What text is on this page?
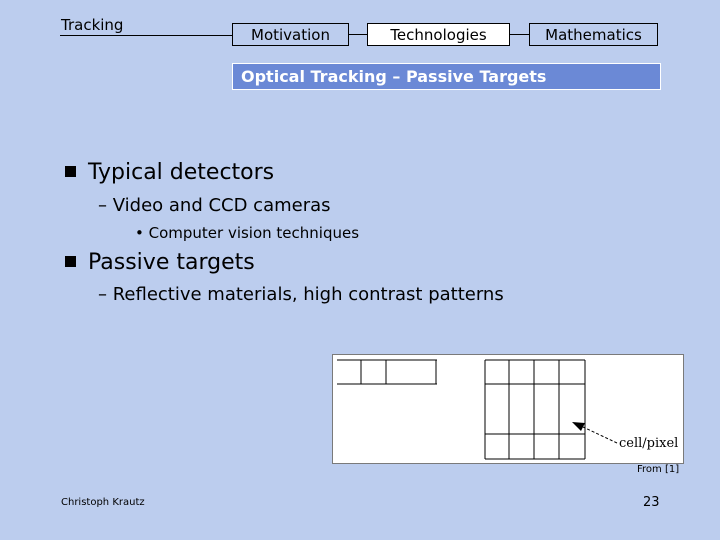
Tracking
Motivation	Technologies	Mathematics
Optical Tracking – Passive Targets
Typical detectors
– Video and CCD cameras
• Computer vision techniques
Passive targets
– Reflective materials, high contrast patterns
cell/pixel
From [1]
Christoph Krautz	23
